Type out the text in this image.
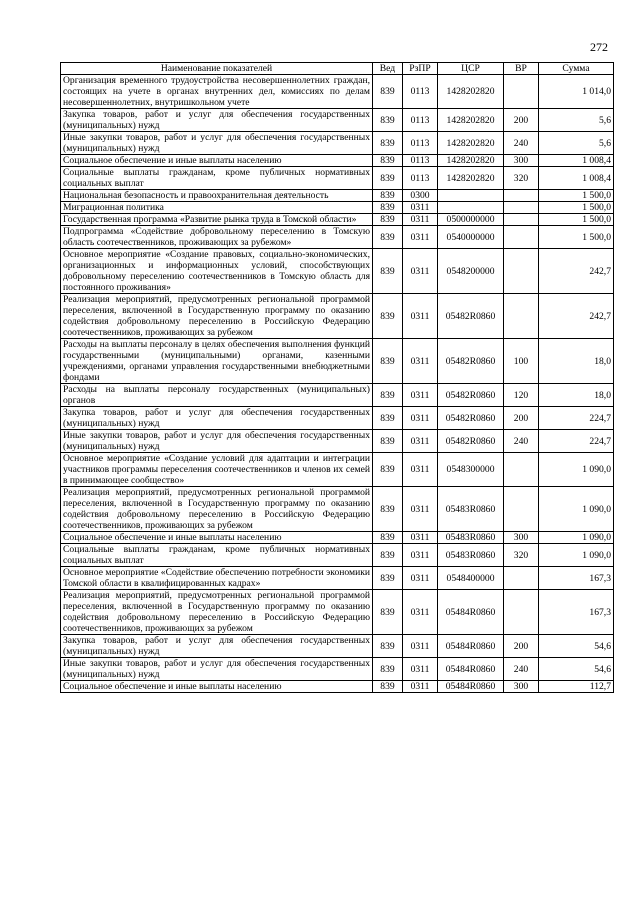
272
Наименование показателей	Вед	РзПР	ЦСР	ВР	Сумма
Организация временного трудоустройства несовершеннолетних граждан, состоящих на учете в органах внутренних дел, комиссиях по делам несовершеннолетних, внутришкольном учете	839	0113	1428202820		1 014,0
Закупка товаров, работ и услуг для обеспечения государственных (муниципальных) нужд	839	0113	1428202820	200	5,6
Иные закупки товаров, работ и услуг для обеспечения государственных (муниципальных) нужд	839	0113	1428202820	240	5,6
Социальное обеспечение и иные выплаты населению	839	0113	1428202820	300	1 008,4
Социальные выплаты гражданам, кроме публичных нормативных социальных выплат	839	0113	1428202820	320	1 008,4
Национальная безопасность и правоохранительная деятельность	839	0300			1 500,0
Миграционная политика	839	0311			1 500,0
Государственная программа «Развитие рынка труда в Томской области»	839	0311	0500000000		1 500,0
Подпрограмма «Содействие добровольному переселению в Томскую область соотечественников, проживающих за рубежом»	839	0311	0540000000		1 500,0
Основное мероприятие «Создание правовых, социально-экономических, организационных и информационных условий, способствующих добровольному переселению соотечественников в Томскую область для постоянного проживания»	839	0311	0548200000		242,7
Реализация мероприятий, предусмотренных региональной программой переселения, включенной в Государственную программу по оказанию содействия добровольному переселению в Российскую Федерацию соотечественников, проживающих за рубежом	839	0311	05482R0860		242,7
Расходы на выплаты персоналу в целях обеспечения выполнения функций государственными (муниципальными) органами, казенными учреждениями, органами управления государственными внебюджетными фондами	839	0311	05482R0860	100	18,0
Расходы на выплаты персоналу государственных (муниципальных) органов	839	0311	05482R0860	120	18,0
Закупка товаров, работ и услуг для обеспечения государственных (муниципальных) нужд	839	0311	05482R0860	200	224,7
Иные закупки товаров, работ и услуг для обеспечения государственных (муниципальных) нужд	839	0311	05482R0860	240	224,7
Основное мероприятие «Создание условий для адаптации и интеграции участников программы переселения соотечественников и членов их семей в принимающее сообщество»	839	0311	0548300000		1 090,0
Реализация мероприятий, предусмотренных региональной программой переселения, включенной в Государственную программу по оказанию содействия добровольному переселению в Российскую Федерацию соотечественников, проживающих за рубежом	839	0311	05483R0860		1 090,0
Социальное обеспечение и иные выплаты населению	839	0311	05483R0860	300	1 090,0
Социальные выплаты гражданам, кроме публичных нормативных социальных выплат	839	0311	05483R0860	320	1 090,0
Основное мероприятие «Содействие обеспечению потребности экономики Томской области в квалифицированных кадрах»	839	0311	0548400000		167,3
Реализация мероприятий, предусмотренных региональной программой переселения, включенной в Государственную программу по оказанию содействия добровольному переселению в Российскую Федерацию соотечественников, проживающих за рубежом	839	0311	05484R0860		167,3
Закупка товаров, работ и услуг для обеспечения государственных (муниципальных) нужд	839	0311	05484R0860	200	54,6
Иные закупки товаров, работ и услуг для обеспечения государственных (муниципальных) нужд	839	0311	05484R0860	240	54,6
Социальное обеспечение и иные выплаты населению	839	0311	05484R0860	300	112,7
